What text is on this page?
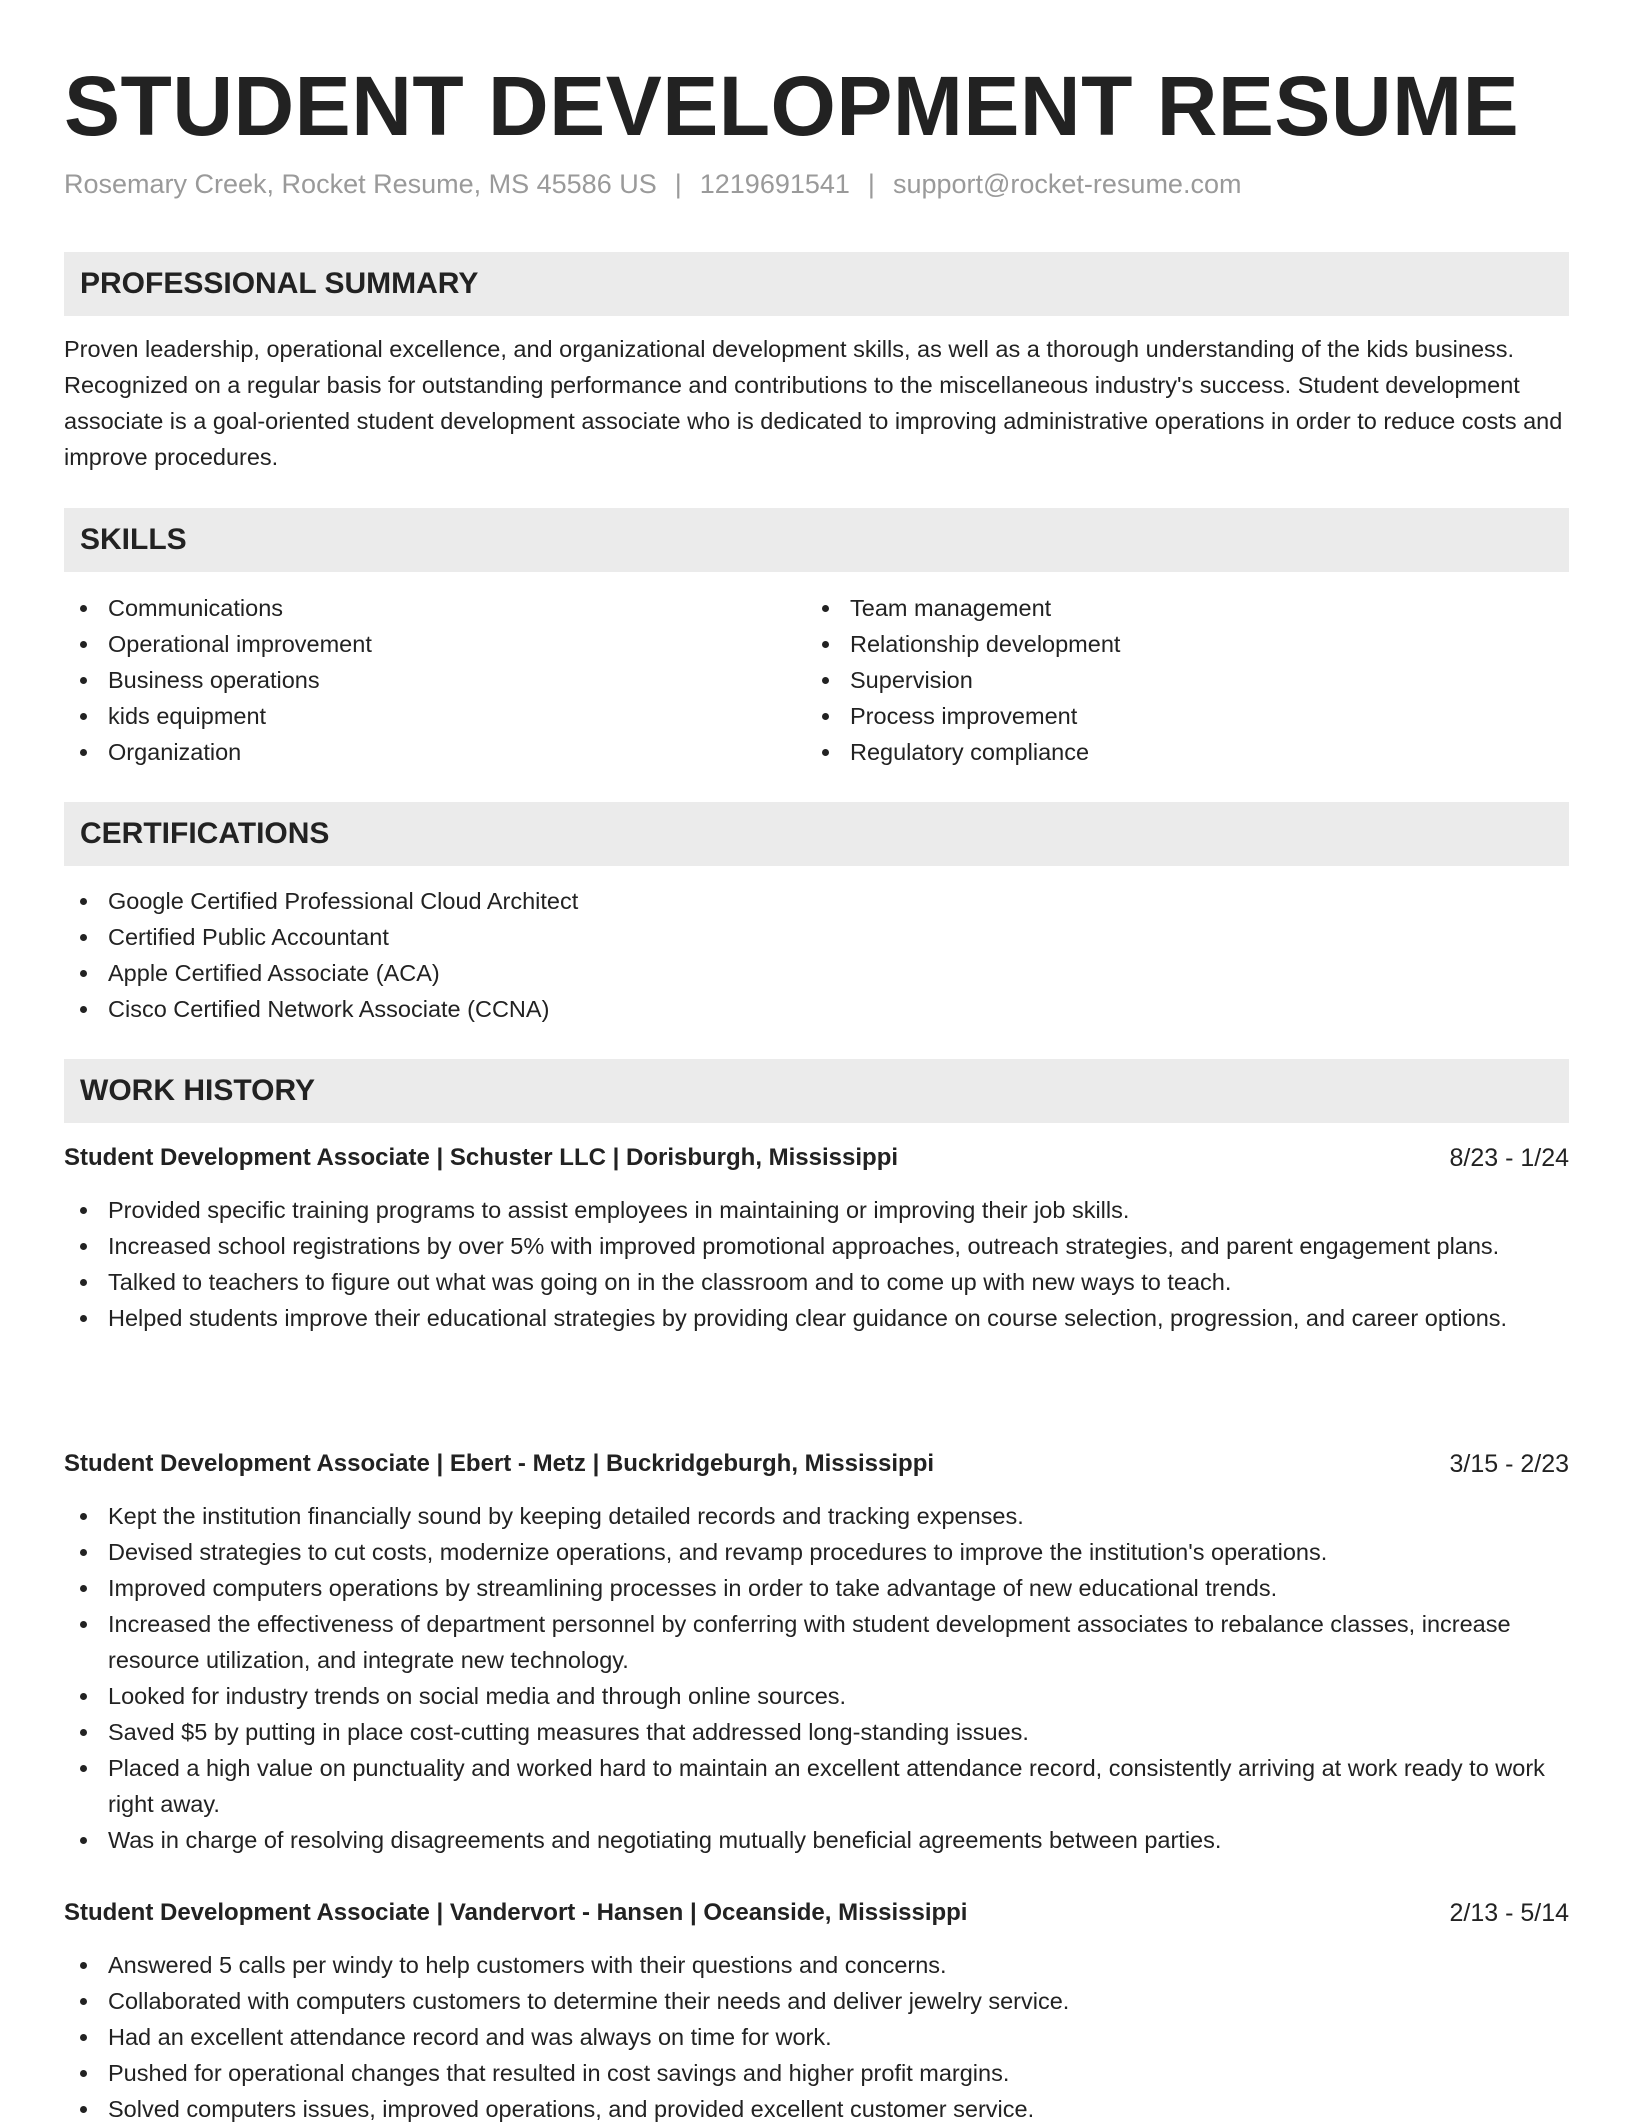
STUDENT DEVELOPMENT RESUME
Rosemary Creek, Rocket Resume, MS 45586 US | 1219691541 | support@rocket-resume.com
PROFESSIONAL SUMMARY
Proven leadership, operational excellence, and organizational development skills, as well as a thorough understanding of the kids business. Recognized on a regular basis for outstanding performance and contributions to the miscellaneous industry's success. Student development associate is a goal-oriented student development associate who is dedicated to improving administrative operations in order to reduce costs and improve procedures.
SKILLS
Communications
Operational improvement
Business operations
kids equipment
Organization
Team management
Relationship development
Supervision
Process improvement
Regulatory compliance
CERTIFICATIONS
Google Certified Professional Cloud Architect
Certified Public Accountant
Apple Certified Associate (ACA)
Cisco Certified Network Associate (CCNA)
WORK HISTORY
Student Development Associate | Schuster LLC | Dorisburgh, Mississippi	8/23 - 1/24
Provided specific training programs to assist employees in maintaining or improving their job skills.
Increased school registrations by over 5% with improved promotional approaches, outreach strategies, and parent engagement plans.
Talked to teachers to figure out what was going on in the classroom and to come up with new ways to teach.
Helped students improve their educational strategies by providing clear guidance on course selection, progression, and career options.
Student Development Associate | Ebert - Metz | Buckridgeburgh, Mississippi	3/15 - 2/23
Kept the institution financially sound by keeping detailed records and tracking expenses.
Devised strategies to cut costs, modernize operations, and revamp procedures to improve the institution's operations.
Improved computers operations by streamlining processes in order to take advantage of new educational trends.
Increased the effectiveness of department personnel by conferring with student development associates to rebalance classes, increase resource utilization, and integrate new technology.
Looked for industry trends on social media and through online sources.
Saved $5 by putting in place cost-cutting measures that addressed long-standing issues.
Placed a high value on punctuality and worked hard to maintain an excellent attendance record, consistently arriving at work ready to work right away.
Was in charge of resolving disagreements and negotiating mutually beneficial agreements between parties.
Student Development Associate | Vandervort - Hansen | Oceanside, Mississippi	2/13 - 5/14
Answered 5 calls per windy to help customers with their questions and concerns.
Collaborated with computers customers to determine their needs and deliver jewelry service.
Had an excellent attendance record and was always on time for work.
Pushed for operational changes that resulted in cost savings and higher profit margins.
Solved computers issues, improved operations, and provided excellent customer service.
